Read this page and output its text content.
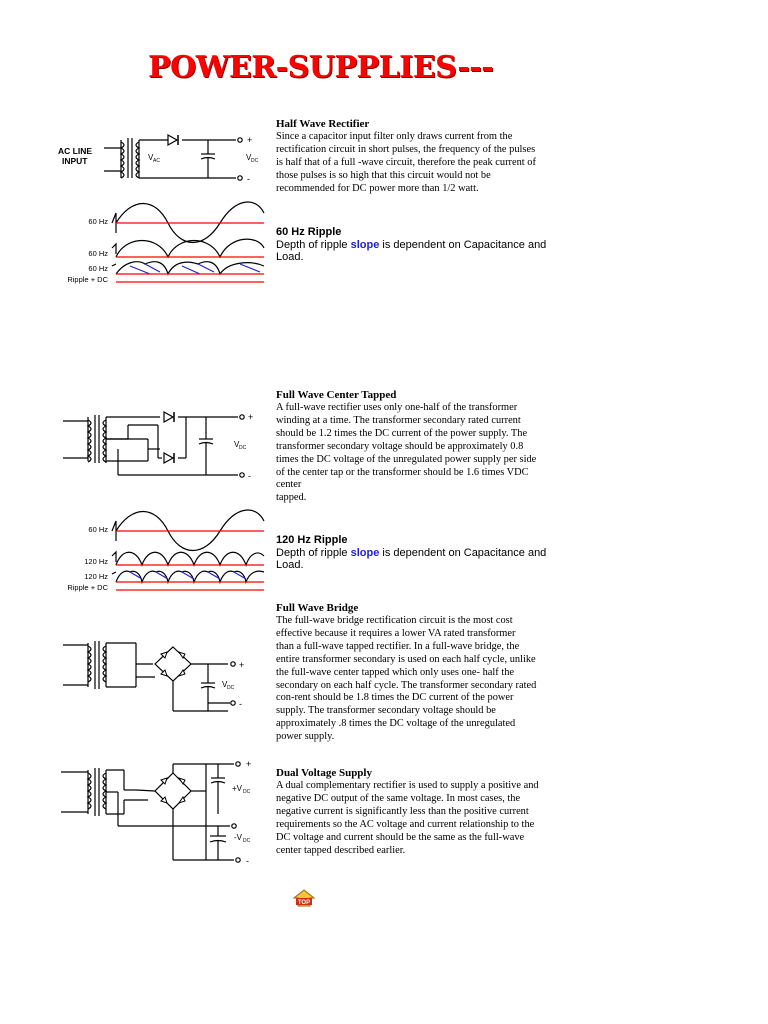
POWER-SUPPLIES---
AC LINE
INPUT	V AC	V DC
+
-
Half Wave Rectifier
Since a capacitor input filter only draws current from the
rectification circuit in short pulses, the frequency of the pulses
is half that of a full -wave circuit, therefore the peak current of
those pulses is so high that this circuit would not be
recommended for DC power more than 1/2 watt.
60 Hz
60 Hz
60 Hz
Ripple + DC
60 Hz Ripple
Depth of ripple slope is dependent on Capacitance and
Load.
V DC
+
-
Full Wave Center Tapped
A full-wave rectifier uses only one-half of the transformer
winding at a time. The transformer secondary rated current
should be 1.2 times the DC current of the power supply. The
transformer secondary voltage should be approximately 0.8
times the DC voltage of the unregulated power supply per side
of the center tap or the transformer should be 1.6 times VDC
center
tapped.
60 Hz
120 Hz
120 Hz
Ripple + DC
120 Hz Ripple
Depth of ripple slope is dependent on Capacitance and
Load.
V DC
+
-
Full Wave Bridge
The full-wave bridge rectification circuit is the most cost
effective because it requires a lower VA rated transformer
than a full-wave tapped rectifier. In a full-wave bridge, the
entire transformer secondary is used on each half cycle, unlike
the full-wave center tapped which only uses one- half the
secondary on each half cycle. The transformer secondary rated
con-rent should be 1.8 times the DC current of the power
supply. The transformer secondary voltage should be
approximately .8 times the DC voltage of the unregulated
power supply.
+V DC
-V DC
+
-
Dual Voltage Supply
A dual complementary rectifier is used to supply a positive and
negative DC output of the same voltage. In most cases, the
negative current is significantly less than the positive current
requirements so the AC voltage and current relationship to the
DC voltage and current should be the same as the full-wave
center tapped described earlier.
TOP
